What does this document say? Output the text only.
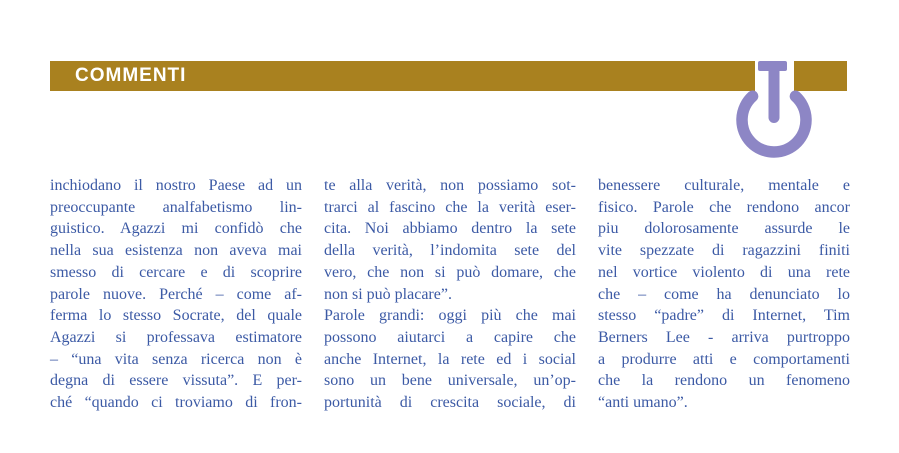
COMMENTI
inchiodano il nostro Paese ad un
preoccupante analfabetismo lin-
guistico. Agazzi mi confidò che
nella sua esistenza non aveva mai
smesso di cercare e di scoprire
parole nuove. Perché – come af-
ferma lo stesso Socrate, del quale
Agazzi si professava estimatore
– “una vita senza ricerca non è
degna di essere vissuta”. E per-
ché “quando ci troviamo di fron-
te alla verità, non possiamo sot-
trarci al fascino che la verità eser-
cita. Noi abbiamo dentro la sete
della verità, l’indomita sete del
vero, che non si può domare, che
non si può placare”.
Parole grandi: oggi più che mai
possono aiutarci a capire che
anche Internet, la rete ed i social
sono un bene universale, un’op-
portunità di crescita sociale, di
benessere culturale, mentale e
fisico. Parole che rendono ancor
piu dolorosamente assurde le
vite spezzate di ragazzini finiti
nel vortice violento di una rete
che – come ha denunciato lo
stesso “padre” di Internet, Tim
Berners Lee - arriva purtroppo
a produrre atti e comportamenti
che la rendono un fenomeno
“anti umano”.
